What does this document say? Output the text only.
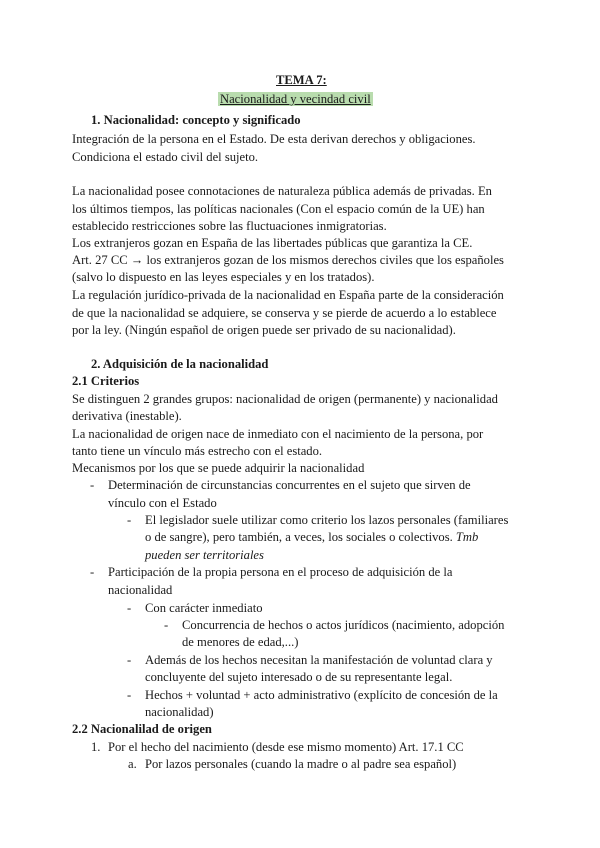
TEMA 7:
Nacionalidad y vecindad civil
1. Nacionalidad: concepto y significado
Integración de la persona en el Estado. De esta derivan derechos y obligaciones.
Condiciona el estado civil del sujeto.
La nacionalidad posee connotaciones de naturaleza pública además de privadas. En
los últimos tiempos, las políticas nacionales (Con el espacio común de la UE) han
establecido restricciones sobre las fluctuaciones inmigratorias.
Los extranjeros gozan en España de las libertades públicas que garantiza la CE.
Art. 27 CC → los extranjeros gozan de los mismos derechos civiles que los españoles
(salvo lo dispuesto en las leyes especiales y en los tratados).
La regulación jurídico-privada de la nacionalidad en España parte de la consideración
de que la nacionalidad se adquiere, se conserva y se pierde de acuerdo a lo establece
por la ley. (Ningún español de origen puede ser privado de su nacionalidad).
2. Adquisición de la nacionalidad
2.1 Criterios
Se distinguen 2 grandes grupos: nacionalidad de origen (permanente) y nacionalidad
derivativa (inestable).
La nacionalidad de origen nace de inmediato con el nacimiento de la persona, por
tanto tiene un vínculo más estrecho con el estado.
Mecanismos por los que se puede adquirir la nacionalidad
- Determinación de circunstancias concurrentes en el sujeto que sirven de
vínculo con el Estado
- El legislador suele utilizar como criterio los lazos personales (familiares
o de sangre), pero también, a veces, los sociales o colectivos. Tmb
pueden ser territoriales
- Participación de la propia persona en el proceso de adquisición de la
nacionalidad
- Con carácter inmediato
- Concurrencia de hechos o actos jurídicos (nacimiento, adopción
de menores de edad,...)
- Además de los hechos necesitan la manifestación de voluntad clara y
concluyente del sujeto interesado o de su representante legal.
- Hechos + voluntad + acto administrativo (explícito de concesión de la
nacionalidad)
2.2 Nacionalilad de origen
1. Por el hecho del nacimiento (desde ese mismo momento) Art. 17.1 CC
a. Por lazos personales (cuando la madre o al padre sea español)
